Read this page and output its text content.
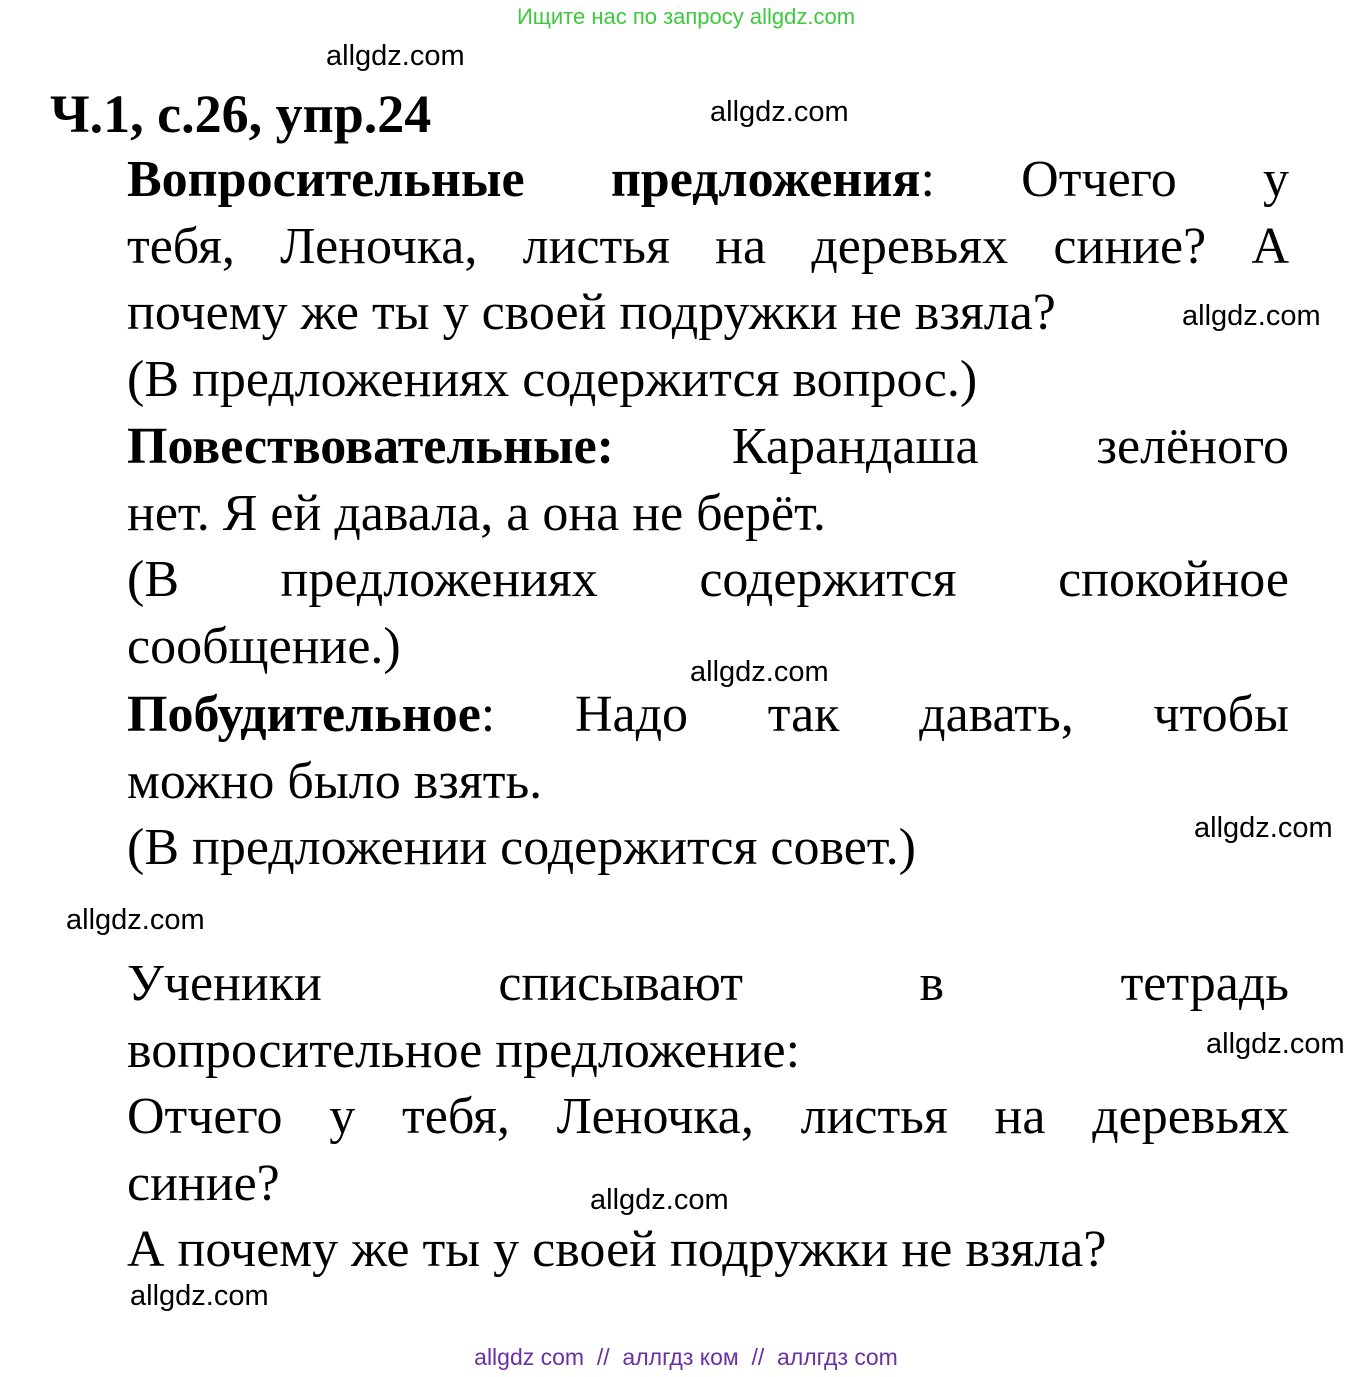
Ищите нас по запросу allgdz.com
allgdz.com
allgdz.com
allgdz.com
allgdz.com
allgdz.com
allgdz.com
allgdz.com
allgdz.com
allgdz.com
Ч.1, с.26, упр.24
Вопросительные предложения: Отчего у
тебя, Леночка, листья на деревьях синие? А
почему же ты у своей подружки не взяла?
(В предложениях содержится вопрос.)
Повествовательные: Карандаша зелёного
нет. Я ей давала, а она не берёт.
(В предложениях содержится спокойное
сообщение.)
Побудительное: Надо так давать, чтобы
можно было взять.
(В предложении содержится совет.)
Ученики списывают в тетрадь
вопросительное предложение:
Отчего у тебя, Леночка, листья на деревьях
синие?
А почему же ты у своей подружки не взяла?
allgdz com  //  аллгдз ком  //  аллгдз com
